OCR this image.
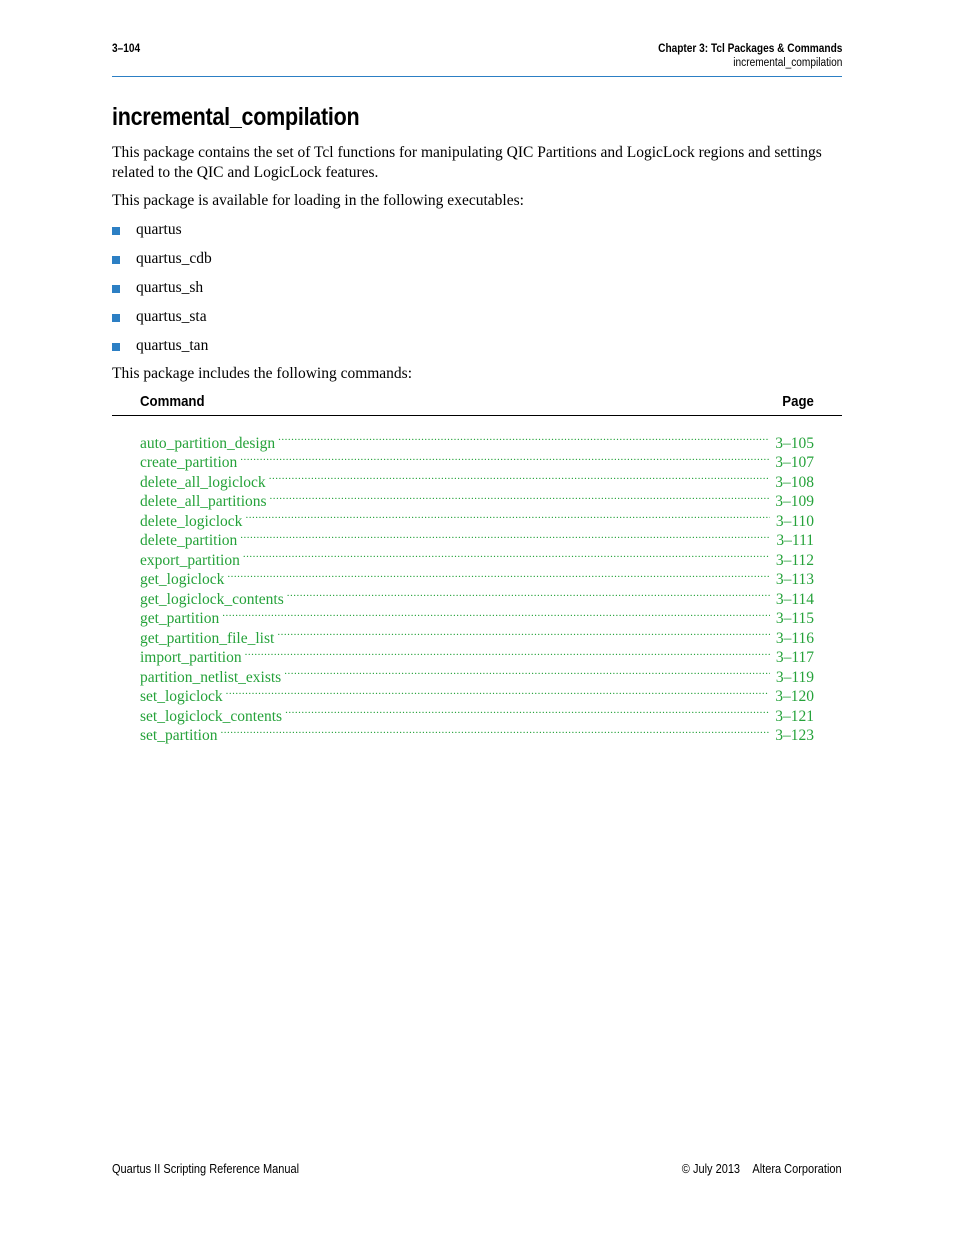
3–104	Chapter 3: Tcl Packages & Commands
incremental_compilation
incremental_compilation

This package contains the set of Tcl functions for manipulating QIC Partitions and LogicLock regions and settings related to the QIC and LogicLock features.

This package is available for loading in the following executables:

quartus
quartus_cdb
quartus_sh
quartus_sta
quartus_tan

This package includes the following commands:

Command	Page
auto_partition_design .....	3–105
create_partition .....	3–107
delete_all_logiclock .....	3–108
delete_all_partitions .....	3–109
delete_logiclock .....	3–110
delete_partition .....	3–111
export_partition .....	3–112
get_logiclock .....	3–113
get_logiclock_contents .....	3–114
get_partition .....	3–115
get_partition_file_list .....	3–116
import_partition .....	3–117
partition_netlist_exists .....	3–119
set_logiclock .....	3–120
set_logiclock_contents .....	3–121
set_partition .....	3–123
Quartus II Scripting Reference Manual	© July 2013 Altera Corporation
